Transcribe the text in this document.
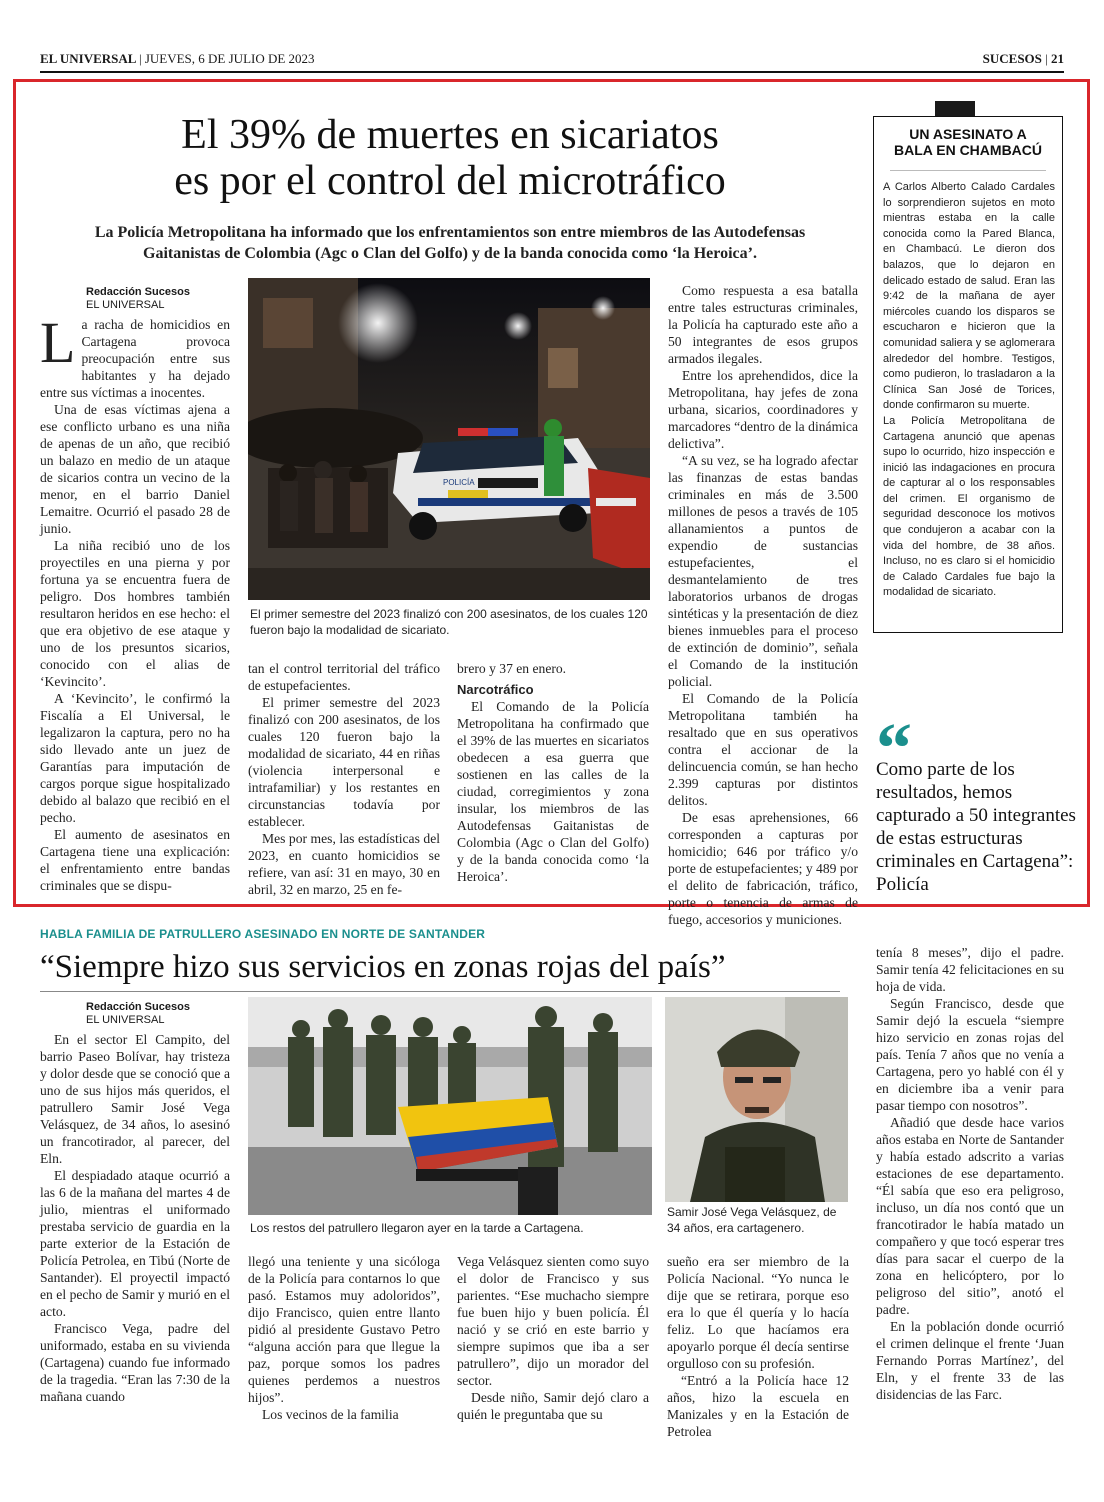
EL UNIVERSAL | JUEVES, 6 DE JULIO DE 2023	SUCESOS | 21
El 39% de muertes en sicariatos
es por el control del microtráfico
La Policía Metropolitana ha informado que los enfrentamientos son entre miembros de las Autodefensas
Gaitanistas de Colombia (Agc o Clan del Golfo) y de la banda conocida como ‘la Heroica’.
Redacción Sucesos
EL UNIVERSAL

La racha de homicidios en Cartagena provoca preocupación entre sus habitantes y ha dejado entre sus víctimas a inocentes.

Una de esas víctimas ajena a ese conflicto urbano es una niña de apenas de un año, que recibió un balazo en medio de un ataque de sicarios contra un vecino de la menor, en el barrio Daniel Lemaitre. Ocurrió el pasado 28 de junio.

La niña recibió uno de los proyectiles en una pierna y por fortuna ya se encuentra fuera de peligro. Dos hombres también resultaron heridos en ese hecho: el que era objetivo de ese ataque y uno de los presuntos sicarios, conocido con el alias de ‘Kevincito’.

A ‘Kevincito’, le confirmó la Fiscalía a El Universal, le legalizaron la captura, pero no ha sido llevado ante un juez de Garantías para imputación de cargos porque sigue hospitalizado debido al balazo que recibió en el pecho.

El aumento de asesinatos en Cartagena tiene una explicación: el enfrentamiento entre bandas criminales que se dispu-

POLICÍA
El primer semestre del 2023 finalizó con 200 asesinatos, de los cuales 120 fueron bajo la modalidad de sicariato.

tan el control territorial del tráfico de estupefacientes.

El primer semestre del 2023 finalizó con 200 asesinatos, de los cuales 120 fueron bajo la modalidad de sicariato, 44 en riñas (violencia interpersonal e intrafamiliar) y los restantes en circunstancias todavía por establecer.

Mes por mes, las estadísticas del 2023, en cuanto homicidios se refiere, van así: 31 en mayo, 30 en abril, 32 en marzo, 25 en fe-

brero y 37 en enero.

Narcotráfico

El Comando de la Policía Metropolitana ha confirmado que el 39% de las muertes en sicariatos obedecen a esa guerra que sostienen en las calles de la ciudad, corregimientos y zona insular, los miembros de las Autodefensas Gaitanistas de Colombia (Agc o Clan del Golfo) y de la banda conocida como ‘la Heroica’.

Como respuesta a esa batalla entre tales estructuras criminales, la Policía ha capturado este año a 50 integrantes de esos grupos armados ilegales.

Entre los aprehendidos, dice la Metropolitana, hay jefes de zona urbana, sicarios, coordinadores y marcadores “dentro de la dinámica delictiva”.

“A su vez, se ha logrado afectar las finanzas de estas bandas criminales en más de 3.500 millones de pesos a través de 105 allanamientos a puntos de expendio de sustancias estupefacientes, el desmantelamiento de tres laboratorios urbanos de drogas sintéticas y la presentación de diez bienes inmuebles para el proceso de extinción de dominio”, señala el Comando de la institución policial.

El Comando de la Policía Metropolitana también ha resaltado que en sus operativos contra el accionar de la delincuencia común, se han hecho 2.399 capturas por distintos delitos.

De esas aprehensiones, 66 corresponden a capturas por homicidio; 646 por tráfico y/o porte de estupefacientes; y 489 por el delito de fabricación, tráfico, porte o tenencia de armas de fuego, accesorios y municiones.

UN ASESINATO A
BALA EN CHAMBACÚ
A Carlos Alberto Calado Cardales lo sorprendieron sujetos en moto mientras estaba en la calle conocida como la Pared Blanca, en Chambacú. Le dieron dos balazos, que lo dejaron en delicado estado de salud. Eran las 9:42 de la mañana de ayer miércoles cuando los disparos se escucharon e hicieron que la comunidad saliera y se aglomerara alrededor del hombre. Testigos, como pudieron, lo trasladaron a la Clínica San José de Torices, donde confirmaron su muerte.
La Policía Metropolitana de Cartagena anunció que apenas supo lo ocurrido, hizo inspección e inició las indagaciones en procura de capturar al o los responsables del crimen. El organismo de seguridad desconoce los motivos que condujeron a acabar con la vida del hombre, de 38 años. Incluso, no es claro si el homicidio de Calado Cardales fue bajo la modalidad de sicariato.
“
Como parte de los resultados, hemos capturado a 50 integrantes de estas estructuras criminales en Cartagena”: Policía
HABLA FAMILIA DE PATRULLERO ASESINADO EN NORTE DE SANTANDER
“Siempre hizo sus servicios en zonas rojas del país”
Redacción Sucesos
EL UNIVERSAL
Los restos del patrullero llegaron ayer en la tarde a Cartagena.
Samir José Vega Velásquez, de 34 años, era cartagenero.

En el sector El Campito, del barrio Paseo Bolívar, hay tristeza y dolor desde que se conoció que a uno de sus hijos más queridos, el patrullero Samir José Vega Velásquez, de 34 años, lo asesinó un francotirador, al parecer, del Eln.

El despiadado ataque ocurrió a las 6 de la mañana del martes 4 de julio, mientras el uniformado prestaba servicio de guardia en la parte exterior de la Estación de Policía Petrolea, en Tibú (Norte de Santander). El proyectil impactó en el pecho de Samir y murió en el acto.

Francisco Vega, padre del uniformado, estaba en su vivienda (Cartagena) cuando fue informado de la tragedia. “Eran las 7:30 de la mañana cuando

llegó una teniente y una sicóloga de la Policía para contarnos lo que pasó. Estamos muy adoloridos”, dijo Francisco, quien entre llanto pidió al presidente Gustavo Petro “alguna acción para que llegue la paz, porque somos los padres quienes perdemos a nuestros hijos”.

Los vecinos de la familia

Vega Velásquez sienten como suyo el dolor de Francisco y sus parientes. “Ese muchacho siempre fue buen hijo y buen policía. Él nació y se crió en este barrio y siempre supimos que iba a ser patrullero”, dijo un morador del sector.

Desde niño, Samir dejó claro a quién le preguntaba que su

sueño era ser miembro de la Policía Nacional. “Yo nunca le dije que se retirara, porque eso era lo que él quería y lo hacía feliz. Lo que hacíamos era apoyarlo porque él decía sentirse orgulloso con su profesión.

“Entró a la Policía hace 12 años, hizo la escuela en Manizales y en la Estación de Petrolea

tenía 8 meses”, dijo el padre. Samir tenía 42 felicitaciones en su hoja de vida.

Según Francisco, desde que Samir dejó la escuela “siempre hizo servicio en zonas rojas del país. Tenía 7 años que no venía a Cartagena, pero yo hablé con él y en diciembre iba a venir para pasar tiempo con nosotros”.

Añadió que desde hace varios años estaba en Norte de Santander y había estado adscrito a varias estaciones de ese departamento. “Él sabía que eso era peligroso, incluso, un día nos contó que un francotirador le había matado un compañero y que tocó esperar tres días para sacar el cuerpo de la zona en helicóptero, por lo peligroso del sitio”, anotó el padre.

En la población donde ocurrió el crimen delinque el frente ‘Juan Fernando Porras Martínez’, del Eln, y el frente 33 de las disidencias de las Farc.
